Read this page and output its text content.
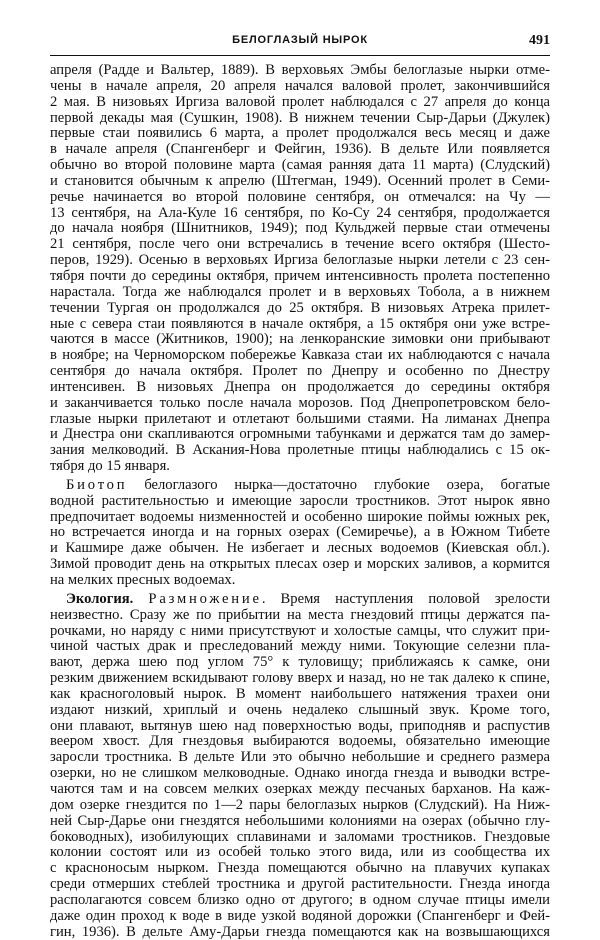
БЕЛОГЛАЗЫЙ НЫРОК	491
апреля (Радде и Вальтер, 1889). В верховьях Эмбы белоглазые нырки отме-
чены в начале апреля, 20 апреля начался валовой пролет, закончившийся
2 мая. В низовьях Иргиза валовой пролет наблюдался с 27 апреля до конца
первой декады мая (Сушкин, 1908). В нижнем течении Сыр-Дарьи (Джулек)
первые стаи появились 6 марта, а пролет продолжался весь месяц и даже
в начале апреля (Спангенберг и Фейгин, 1936). В дельте Или появляется
обычно во второй половине марта (самая ранняя дата 11 марта) (Слудский)
и становится обычным к апрелю (Штегман, 1949). Осенний пролет в Семи-
речье начинается во второй половине сентября, он отмечался: на Чу —
13 сентября, на Ала-Куле 16 сентября, по Ко-Су 24 сентября, продолжается
до начала ноября (Шнитников, 1949); под Кульджей первые стаи отмечены
21 сентября, после чего они встречались в течение всего октября (Шесто-
перов, 1929). Осенью в верховьях Иргиза белоглазые нырки летели с 23 сен-
тября почти до середины октября, причем интенсивность пролета постепенно
нарастала. Тогда же наблюдался пролет и в верховьях Тобола, а в нижнем
течении Тургая он продолжался до 25 октября. В низовьях Атрека прилет-
ные с севера стаи появляются в начале октября, а 15 октября они уже встре-
чаются в массе (Житников, 1900); на ленкоранские зимовки они прибывают
в ноябре; на Черноморском побережье Кавказа стаи их наблюдаются с начала
сентября до начала октября. Пролет по Днепру и особенно по Днестру
интенсивен. В низовьях Днепра он продолжается до середины октября
и заканчивается только после начала морозов. Под Днепропетровском бело-
глазые нырки прилетают и отлетают большими стаями. На лиманах Днепра
и Днестра они скапливаются огромными табунками и держатся там до замер-
зания мелководий. В Аскания-Нова пролетные птицы наблюдались с 15 ок-
тября до 15 января.
Биотоп белоглазого нырка—достаточно глубокие озера, богатые
водной растительностью и имеющие заросли тростников. Этот нырок явно
предпочитает водоемы низменностей и особенно широкие поймы южных рек,
но встречается иногда и на горных озерах (Семиречье), а в Южном Тибете
и Кашмире даже обычен. Не избегает и лесных водоемов (Киевская обл.).
Зимой проводит день на открытых плесах озер и морских заливов, а кормится
на мелких пресных водоемах.
Экология. Размножение. Время наступления половой зрелости
неизвестно. Сразу же по прибытии на места гнездовий птицы держатся па-
рочками, но наряду с ними присутствуют и холостые самцы, что служит при-
чиной частых драк и преследований между ними. Токующие селезни пла-
вают, держа шею под углом 75° к туловищу; приближаясь к самке, они
резким движением вскидывают голову вверх и назад, но не так далеко к спине,
как красноголовый нырок. В момент наибольшего натяжения трахеи они
издают низкий, хриплый и очень недалеко слышный звук. Кроме того,
они плавают, вытянув шею над поверхностью воды, приподняв и распустив
веером хвост. Для гнездовья выбираются водоемы, обязательно имеющие
заросли тростника. В дельте Или это обычно небольшие и среднего размера
озерки, но не слишком мелководные. Однако иногда гнезда и выводки встре-
чаются там и на совсем мелких озерках между песчаных барханов. На каж-
дом озерке гнездится по 1—2 пары белоглазых нырков (Слудский). На Ниж-
ней Сыр-Дарье они гнездятся небольшими колониями на озерах (обычно глу-
боководных), изобилующих сплавинами и заломами тростников. Гнездовые
колонии состоят или из особей только этого вида, или из сообщества их
с красноносым нырком. Гнезда помещаются обычно на плавучих купаках
среди отмерших стеблей тростника и другой растительности. Гнезда иногда
располагаются совсем близко одно от другого; в одном случае птицы имели
даже один проход к воде в виде узкой водяной дорожки (Спангенберг и Фей-
гин, 1936). В дельте Аму-Дарьи гнезда помещаются как на возвышающихся
